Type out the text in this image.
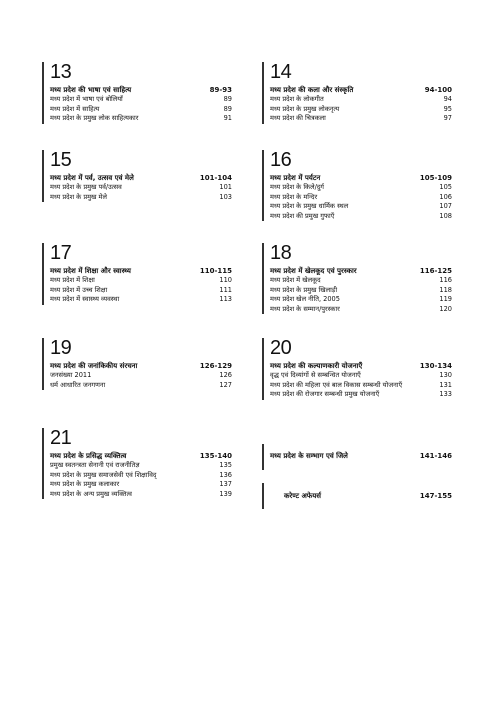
13
मध्य प्रदेश की भाषा एवं साहित्य	89-93
मध्य प्रदेश में भाषा एवं बोलियाँ	89
मध्य प्रदेश में साहित्य	89
मध्य प्रदेश के प्रमुख लोक साहित्यकार	91
14
मध्य प्रदेश की कला और संस्कृति	94-100
मध्य प्रदेश के लोकगीत	94
मध्य प्रदेश के प्रमुख लोकनृत्य	95
मध्य प्रदेश की चित्रकला	97
15
मध्य प्रदेश में पर्व, उत्सव एवं मेले	101-104
मध्य प्रदेश के प्रमुख पर्व/उत्सव	101
मध्य प्रदेश के प्रमुख मेले	103
16
मध्य प्रदेश में पर्यटन	105-109
मध्य प्रदेश के किले/दुर्ग	105
मध्य प्रदेश के मन्दिर	106
मध्य प्रदेश के प्रमुख धार्मिक स्थल	107
मध्य प्रदेश की प्रमुख गुफाएँ	108
17
मध्य प्रदेश में शिक्षा और स्वास्थ्य	110-115
मध्य प्रदेश में शिक्षा	110
मध्य प्रदेश में उच्च शिक्षा	111
मध्य प्रदेश में स्वास्थ्य व्यवस्था	113
18
मध्य प्रदेश में खेलकूद एवं पुरस्कार	116-125
मध्य प्रदेश में खेलकूद	116
मध्य प्रदेश के प्रमुख खिलाड़ी	118
मध्य प्रदेश खेल नीति, 2005	119
मध्य प्रदेश के सम्मान/पुरस्कार	120
19
मध्य प्रदेश की जनांकिकीय संरचना	126-129
जनसंख्या 2011	126
धर्म आधारित जनगणना	127
20
मध्य प्रदेश की कल्याणकारी योजनाएँ	130-134
वृद्ध एवं दिव्यांगों से सम्बन्धित योजनाएँ	130
मध्य प्रदेश की महिला एवं बाल विकास सम्बन्धी योजनाएँ	131
मध्य प्रदेश की रोजगार सम्बन्धी प्रमुख योजनाएँ	133
21
मध्य प्रदेश के प्रसिद्ध व्यक्तित्व	135-140
प्रमुख स्वतन्त्रता सेनानी एवं राजनीतिज्ञ	135
मध्य प्रदेश के प्रमुख समाजसेवी एवं शिक्षाविद्	136
मध्य प्रदेश के प्रमुख कलाकार	137
मध्य प्रदेश के अन्य प्रमुख व्यक्तित्व	139
मध्य प्रदेश के सम्भाग एवं जिले	141-146
करेण्ट अफेयर्स	147-155
